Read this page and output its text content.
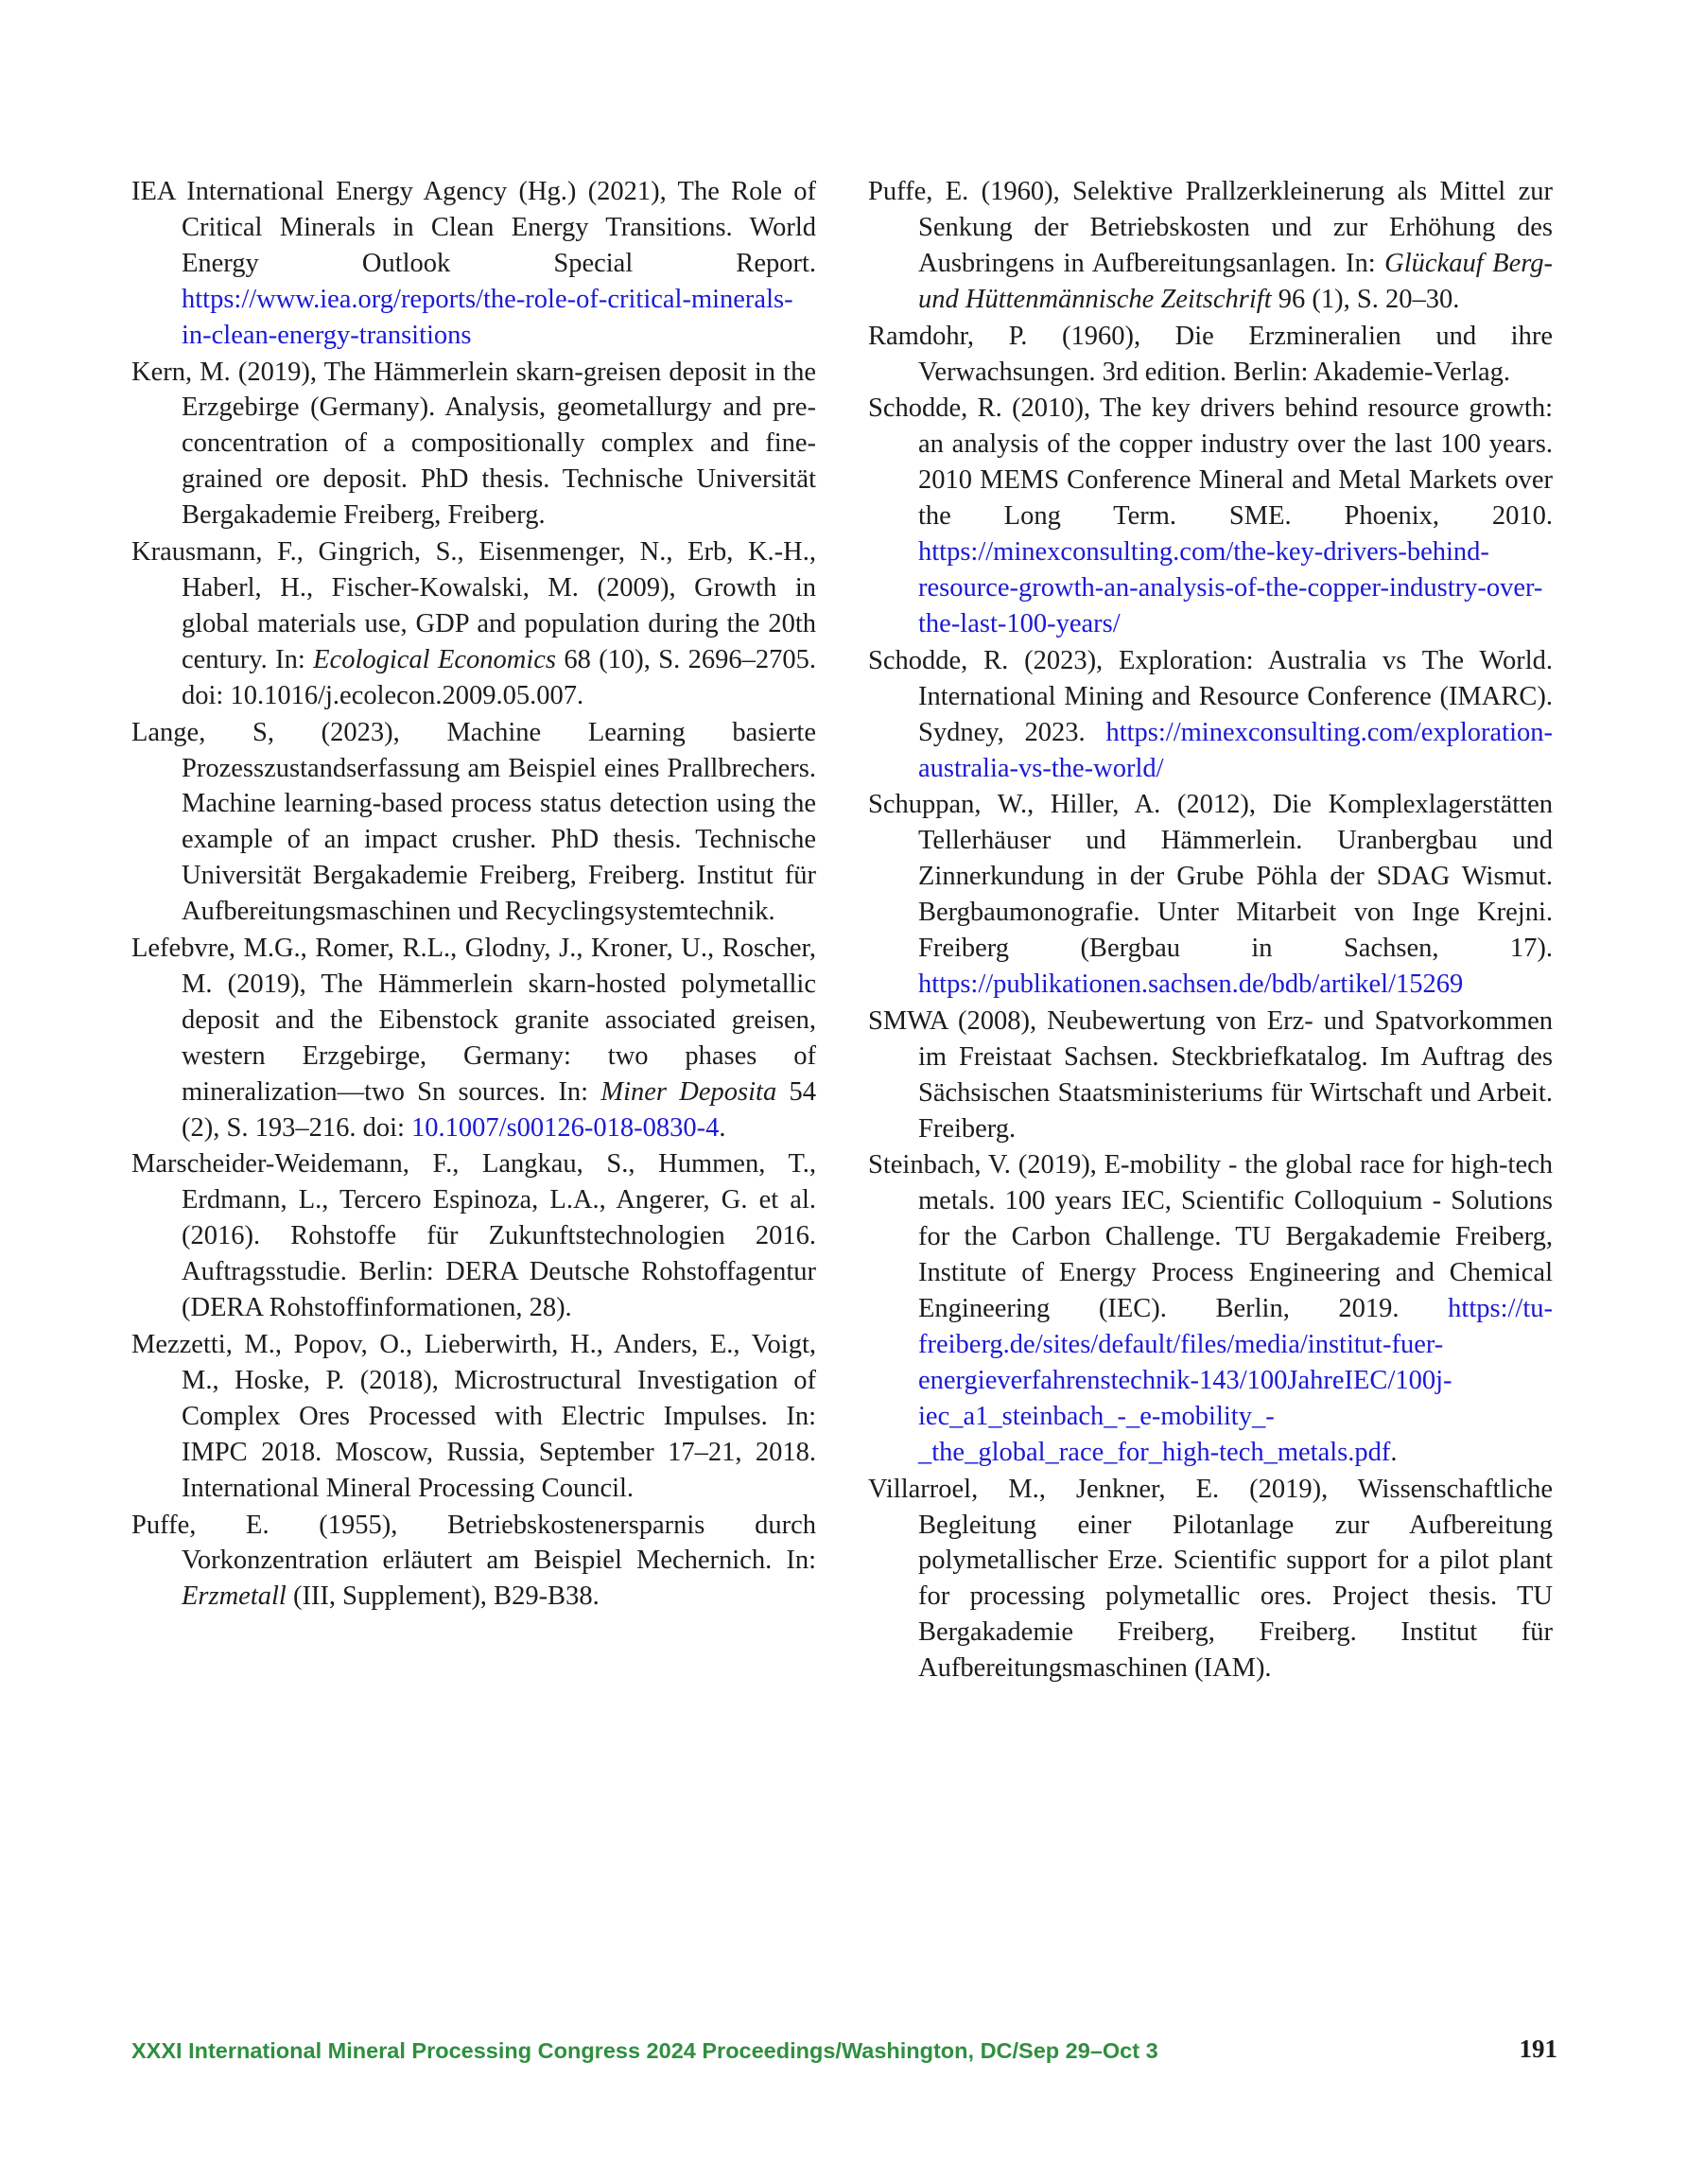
IEA International Energy Agency (Hg.) (2021), The Role of Critical Minerals in Clean Energy Transitions. World Energy Outlook Special Report. https://www.iea.org/reports/the-role-of-critical-minerals-in-clean-energy-transitions

Kern, M. (2019), The Hämmerlein skarn-greisen deposit in the Erzgebirge (Germany). Analysis, geometallurgy and pre-concentration of a compositionally complex and fine-grained ore deposit. PhD thesis. Technische Universität Bergakademie Freiberg, Freiberg.

Krausmann, F., Gingrich, S., Eisenmenger, N., Erb, K.-H., Haberl, H., Fischer-Kowalski, M. (2009), Growth in global materials use, GDP and population during the 20th century. In: Ecological Economics 68 (10), S. 2696–2705. doi: 10.1016/j.ecolecon.2009.05.007.

Lange, S, (2023), Machine Learning basierte Prozesszustandserfassung am Beispiel eines Prallbrechers. Machine learning-based process status detection using the example of an impact crusher. PhD thesis. Technische Universität Bergakademie Freiberg, Freiberg. Institut für Aufbereitungsmaschinen und Recyclingsystemtechnik.

Lefebvre, M.G., Romer, R.L., Glodny, J., Kroner, U., Roscher, M. (2019), The Hämmerlein skarn-hosted polymetallic deposit and the Eibenstock granite associated greisen, western Erzgebirge, Germany: two phases of mineralization—two Sn sources. In: Miner Deposita 54 (2), S. 193–216. doi: 10.1007/s00126-018-0830-4.

Marscheider-Weidemann, F., Langkau, S., Hummen, T., Erdmann, L., Tercero Espinoza, L.A., Angerer, G. et al. (2016). Rohstoffe für Zukunftstechnologien 2016. Auftragsstudie. Berlin: DERA Deutsche Rohstoffagentur (DERA Rohstoffinformationen, 28).

Mezzetti, M., Popov, O., Lieberwirth, H., Anders, E., Voigt, M., Hoske, P. (2018), Microstructural Investigation of Complex Ores Processed with Electric Impulses. In: IMPC 2018. Moscow, Russia, September 17–21, 2018. International Mineral Processing Council.

Puffe, E. (1955), Betriebskostenersparnis durch Vorkonzentration erläutert am Beispiel Mechernich. In: Erzmetall (III, Supplement), B29-B38.

Puffe, E. (1960), Selektive Prallzerkleinerung als Mittel zur Senkung der Betriebskosten und zur Erhöhung des Ausbringens in Aufbereitungsanlagen. In: Glückauf Berg- und Hüttenmännische Zeitschrift 96 (1), S. 20–30.

Ramdohr, P. (1960), Die Erzmineralien und ihre Verwachsungen. 3rd edition. Berlin: Akademie-Verlag.

Schodde, R. (2010), The key drivers behind resource growth: an analysis of the copper industry over the last 100 years. 2010 MEMS Conference Mineral and Metal Markets over the Long Term. SME. Phoenix, 2010. https://minexconsulting.com/the-key-drivers-behind-resource-growth-an-analysis-of-the-copper-industry-over-the-last-100-years/

Schodde, R. (2023), Exploration: Australia vs The World. International Mining and Resource Conference (IMARC). Sydney, 2023. https://minexconsulting.com/exploration-australia-vs-the-world/

Schuppan, W., Hiller, A. (2012), Die Komplexlagerstätten Tellerhäuser und Hämmerlein. Uranbergbau und Zinnerkundung in der Grube Pöhla der SDAG Wismut. Bergbaumonografie. Unter Mitarbeit von Inge Krejni. Freiberg (Bergbau in Sachsen, 17). https://publikationen.sachsen.de/bdb/artikel/15269

SMWA (2008), Neubewertung von Erz- und Spatvorkommen im Freistaat Sachsen. Steckbriefkatalog. Im Auftrag des Sächsischen Staatsministeriums für Wirtschaft und Arbeit. Freiberg.

Steinbach, V. (2019), E-mobility - the global race for high-tech metals. 100 years IEC, Scientific Colloquium - Solutions for the Carbon Challenge. TU Bergakademie Freiberg, Institute of Energy Process Engineering and Chemical Engineering (IEC). Berlin, 2019. https://tu-freiberg.de/sites/default/files/media/institut-fuer-energieverfahrenstechnik-143/100JahreIEC/100j-iec_a1_steinbach_-_e-mobility_-_the_global_race_for_high-tech_metals.pdf.

Villarroel, M., Jenkner, E. (2019), Wissenschaftliche Begleitung einer Pilotanlage zur Aufbereitung polymetallischer Erze. Scientific support for a pilot plant for processing polymetallic ores. Project thesis. TU Bergakademie Freiberg, Freiberg. Institut für Aufbereitungsmaschinen (IAM).

XXXI International Mineral Processing Congress 2024 Proceedings/Washington, DC/Sep 29–Oct 3	191
